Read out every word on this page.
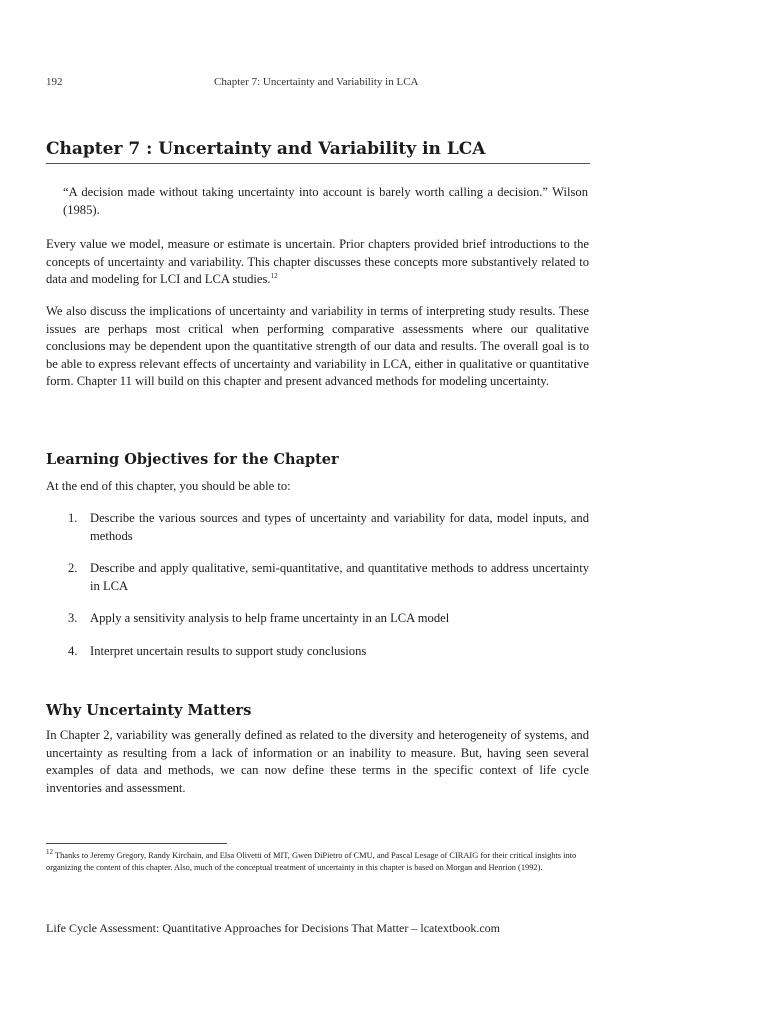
192	Chapter 7: Uncertainty and Variability in LCA
Chapter 7 : Uncertainty and Variability in LCA

“A decision made without taking uncertainty into account is barely worth calling a decision.” Wilson (1985).

Every value we model, measure or estimate is uncertain. Prior chapters provided brief introductions to the concepts of uncertainty and variability. This chapter discusses these concepts more substantively related to data and modeling for LCI and LCA studies.$^{12}$

We also discuss the implications of uncertainty and variability in terms of interpreting study results. These issues are perhaps most critical when performing comparative assessments where our qualitative conclusions may be dependent upon the quantitative strength of our data and results. The overall goal is to be able to express relevant effects of uncertainty and variability in LCA, either in qualitative or quantitative form. Chapter 11 will build on this chapter and present advanced methods for modeling uncertainty.

Learning Objectives for the Chapter

At the end of this chapter, you should be able to:

1. Describe the various sources and types of uncertainty and variability for data, model inputs, and methods
2. Describe and apply qualitative, semi-quantitative, and quantitative methods to address uncertainty in LCA
3. Apply a sensitivity analysis to help frame uncertainty in an LCA model
4. Interpret uncertain results to support study conclusions
Why Uncertainty Matters

In Chapter 2, variability was generally defined as related to the diversity and heterogeneity of systems, and uncertainty as resulting from a lack of information or an inability to measure. But, having seen several examples of data and methods, we can now define these terms in the specific context of life cycle inventories and assessment.

$^{12}$ Thanks to Jeremy Gregory, Randy Kirchain, and Elsa Olivetti of MIT, Gwen DiPietro of CMU, and Pascal Lesage of CIRAIG for their critical insights into organizing the content of this chapter. Also, much of the conceptual treatment of uncertainty in this chapter is based on Morgan and Henrion (1992).

Life Cycle Assessment: Quantitative Approaches for Decisions That Matter – lcatextbook.com
